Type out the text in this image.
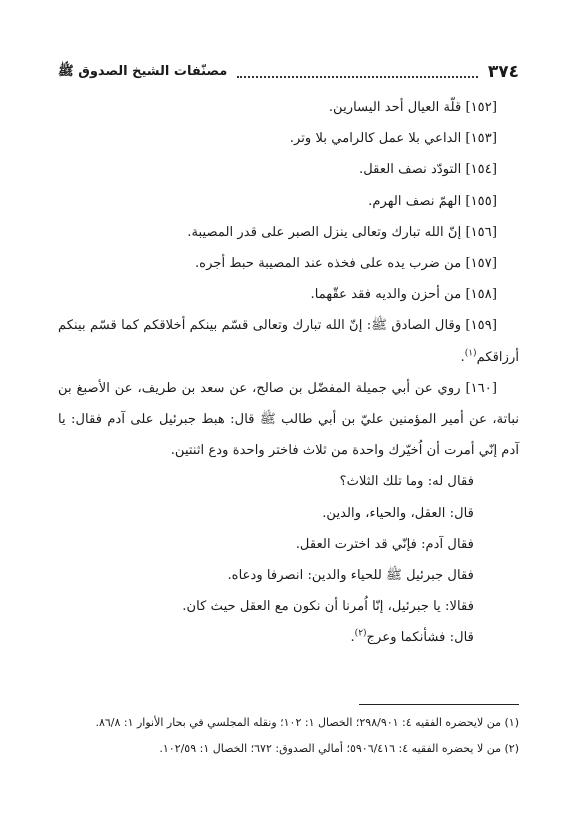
٣٧٤
مصنّفات الشيخ الصدوق ﷺ

[١٥٢] قلّة العيال أحد اليسارين.

[١٥٣] الداعي بلا عمل كالرامي بلا وتر.

[١٥٤] التودّد نصف العقل.

[١٥٥] الهمّ نصف الهرم.

[١٥٦] إنّ الله تبارك وتعالى ينزل الصبر على قدر المصيبة.

[١٥٧] من ضرب يده على فخذه عند المصيبة حبط أجره.

[١٥٨] من أحزن والديه فقد عقّهما.

[١٥٩] وقال الصادق ﷺ: إنّ الله تبارك وتعالى قسّم بينكم أخلاقكم كما قسّم بينكم أرزاقكم$^{(١)}$.

[١٦٠] روي عن أبي جميلة المفضّل بن صالح، عن سعد بن طريف، عن الأصبغ بن نباتة، عن أمير المؤمنين عليّ بن أبي طالب ﷺ قال: هبط جبرئيل على آدم فقال: يا آدم إنّي أمرت أن اُخيّرك واحدة من ثلاث فاختر واحدة ودع اثنتين.

فقال له: وما تلك الثلاث؟

قال: العقل، والحياء، والدين.

فقال آدم: فإنّي قد اخترت العقل.

فقال جبرئيل ﷺ للحياء والدين: انصرفا ودعاه.

فقالا: يا جبرئيل، إنّا اُمرنا أن نكون مع العقل حيث كان.

قال: فشأنكما وعرج$^{(٢)}$.

(١) من لايحضره الفقيه ٤: ٢٩٨/٩٠١؛ الخصال ١: ١٠٢؛ ونقله المجلسي في بحار الأنوار ١: ٨٦/٨.

(٢) من لا يحضره الفقيه ٤: ٥٩٠٦/٤١٦؛ أمالي الصدوق: ٦٧٢؛ الخصال ١: ١٠٢/٥٩.
